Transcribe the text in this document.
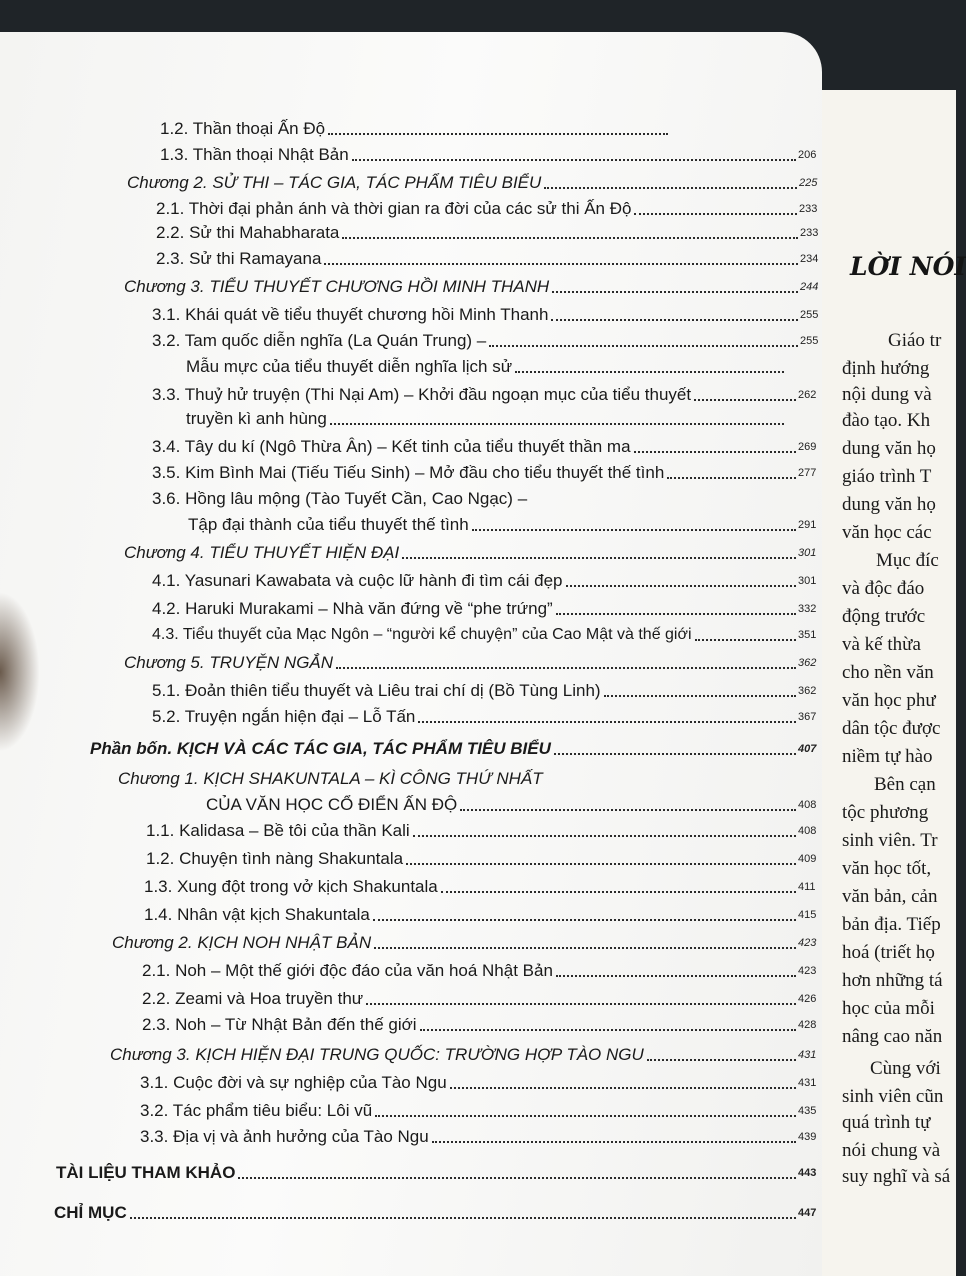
LỜI NÓI
Giáo tr
định hướng
nội dung và
đào tạo. Kh
dung văn họ
giáo trình T
dung văn họ
văn học các
Mục đíc
và độc đáo
động trước
và kế thừa
cho nền văn
văn học phư
dân tộc được
niềm tự hào
Bên cạn
tộc phương
sinh viên. Tr
văn học tốt,
văn bản, cản
bản địa. Tiếp
hoá (triết họ
hơn những tá
học của mỗi
nâng cao năn
Cùng với
sinh viên cũn
quá trình tự
nói chung và
suy nghĩ và sá
1.2. Thần thoại Ấn Độ
1.3. Thần thoại Nhật Bản	206
Chương 2. SỬ THI – TÁC GIA, TÁC PHẨM TIÊU BIỂU	225
2.1. Thời đại phản ánh và thời gian ra đời của các sử thi Ấn Độ	233
2.2. Sử thi Mahabharata	233
2.3. Sử thi Ramayana	234
Chương 3. TIỂU THUYẾT CHƯƠNG HỒI MINH THANH	244
3.1. Khái quát về tiểu thuyết chương hồi Minh Thanh	255
3.2. Tam quốc diễn nghĩa (La Quán Trung) –	255
Mẫu mực của tiểu thuyết diễn nghĩa lịch sử
3.3. Thuỷ hử truyện (Thi Nại Am) – Khởi đầu ngoạn mục của tiểu thuyết	262
truyền kì anh hùng
3.4. Tây du kí (Ngô Thừa Ân) – Kết tinh của tiểu thuyết thần ma	269
3.5. Kim Bình Mai (Tiếu Tiếu Sinh) – Mở đầu cho tiểu thuyết thế tình	277
3.6. Hồng lâu mộng (Tào Tuyết Cần, Cao Ngạc) –
Tập đại thành của tiểu thuyết thế tình	291
Chương 4. TIỂU THUYẾT HIỆN ĐẠI	301
4.1. Yasunari Kawabata và cuộc lữ hành đi tìm cái đẹp	301
4.2. Haruki Murakami – Nhà văn đứng về “phe trứng”	332
4.3. Tiểu thuyết của Mạc Ngôn – “người kể chuyện” của Cao Mật và thế giới	351
Chương 5. TRUYỆN NGẮN	362
5.1. Đoản thiên tiểu thuyết và Liêu trai chí dị (Bồ Tùng Linh)	362
5.2. Truyện ngắn hiện đại – Lỗ Tấn	367
Phần bốn. KỊCH VÀ CÁC TÁC GIA, TÁC PHẨM TIÊU BIỂU	407
Chương 1. KỊCH SHAKUNTALA – KÌ CÔNG THỨ NHẤT
CỦA VĂN HỌC CỔ ĐIỂN ẤN ĐỘ	408
1.1. Kalidasa – Bề tôi của thần Kali	408
1.2. Chuyện tình nàng Shakuntala	409
1.3. Xung đột trong vở kịch Shakuntala	411
1.4. Nhân vật kịch Shakuntala	415
Chương 2. KỊCH NOH NHẬT BẢN	423
2.1. Noh – Một thế giới độc đáo của văn hoá Nhật Bản	423
2.2. Zeami và Hoa truyền thư	426
2.3. Noh – Từ Nhật Bản đến thế giới	428
Chương 3. KỊCH HIỆN ĐẠI TRUNG QUỐC: TRƯỜNG HỢP TÀO NGU	431
3.1. Cuộc đời và sự nghiệp của Tào Ngu	431
3.2. Tác phẩm tiêu biểu: Lôi vũ	435
3.3. Địa vị và ảnh hưởng của Tào Ngu	439
TÀI LIỆU THAM KHẢO	443
CHỈ MỤC	447
